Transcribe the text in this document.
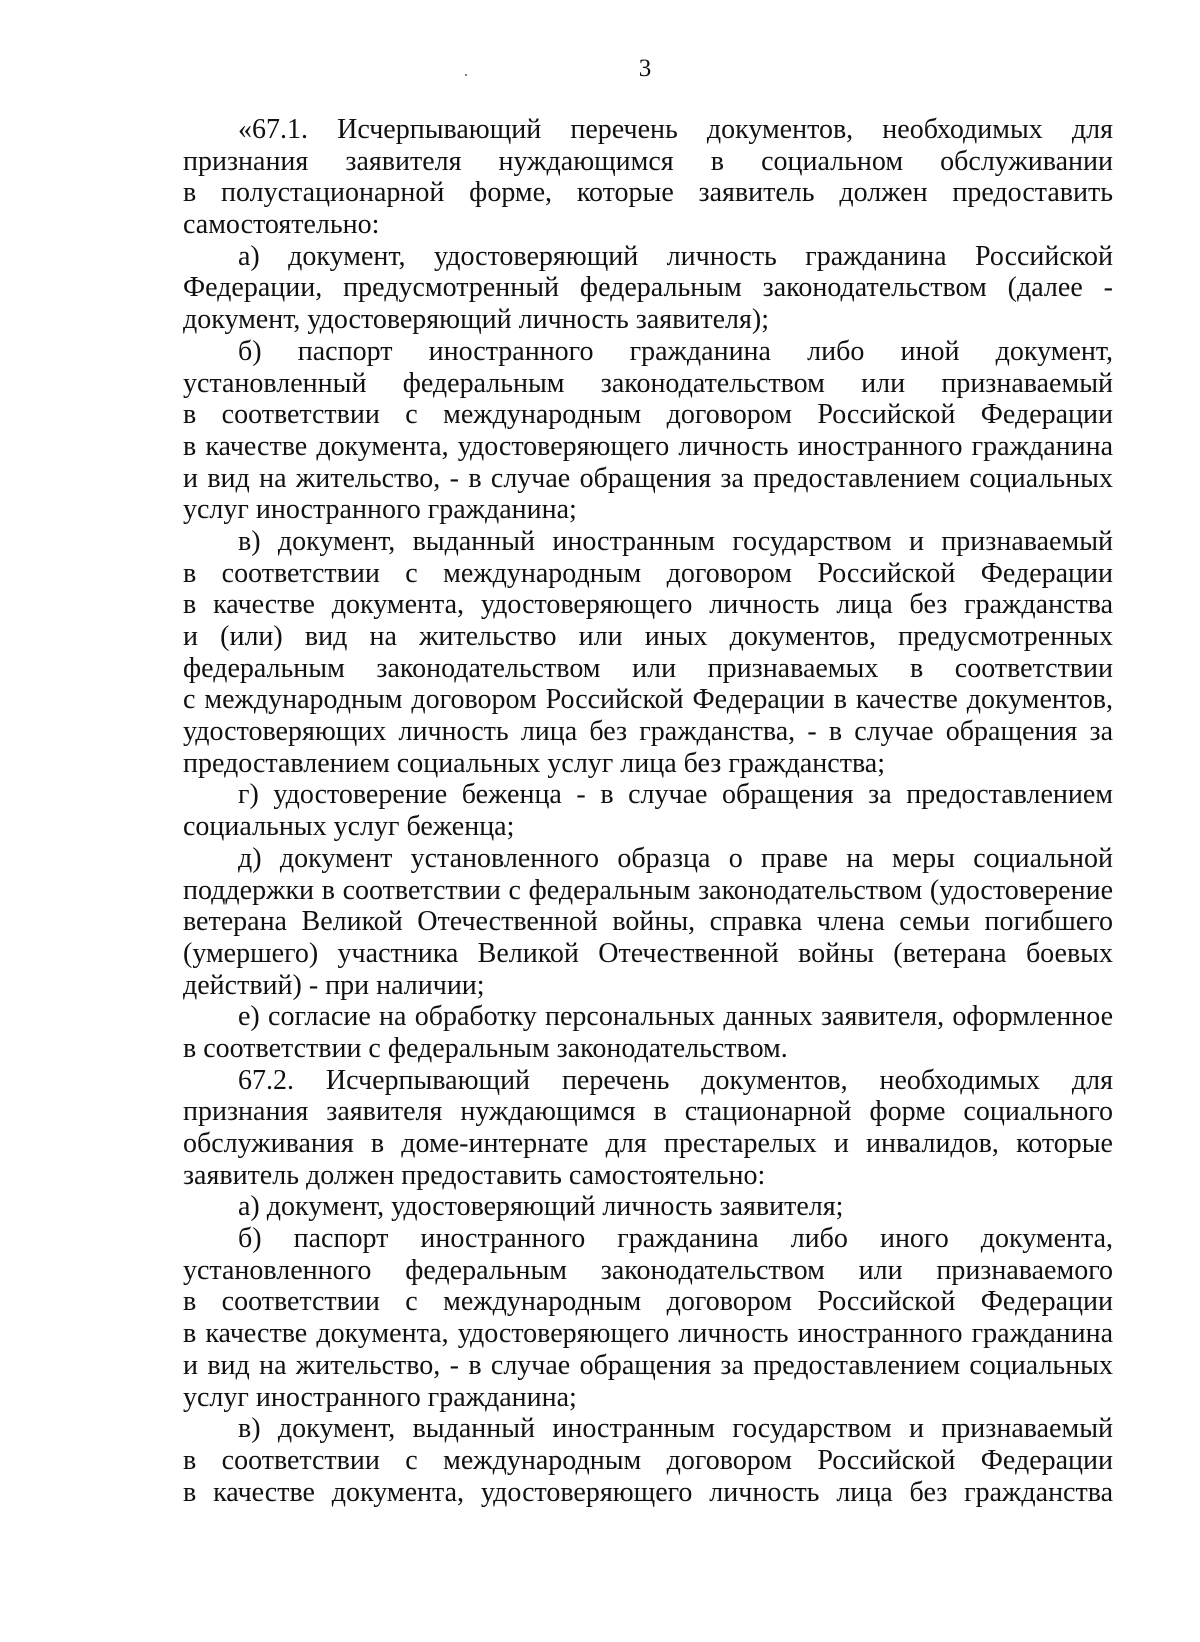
3
«67.1. Исчерпывающий перечень документов, необходимых для
признания заявителя нуждающимся в социальном обслуживании
в полустационарной форме, которые заявитель должен предоставить
самостоятельно:
а) документ, удостоверяющий личность гражданина Российской
Федерации, предусмотренный федеральным законодательством (далее -
документ, удостоверяющий личность заявителя);
б) паспорт иностранного гражданина либо иной документ,
установленный федеральным законодательством или признаваемый
в соответствии с международным договором Российской Федерации
в качестве документа, удостоверяющего личность иностранного гражданина
и вид на жительство, - в случае обращения за предоставлением социальных
услуг иностранного гражданина;
в) документ, выданный иностранным государством и признаваемый
в соответствии с международным договором Российской Федерации
в качестве документа, удостоверяющего личность лица без гражданства
и (или) вид на жительство или иных документов, предусмотренных
федеральным законодательством или признаваемых в соответствии
с международным договором Российской Федерации в качестве документов,
удостоверяющих личность лица без гражданства, - в случае обращения за
предоставлением социальных услуг лица без гражданства;
г) удостоверение беженца - в случае обращения за предоставлением
социальных услуг беженца;
д) документ установленного образца о праве на меры социальной
поддержки в соответствии с федеральным законодательством (удостоверение
ветерана Великой Отечественной войны, справка члена семьи погибшего
(умершего) участника Великой Отечественной войны (ветерана боевых
действий) - при наличии;
е) согласие на обработку персональных данных заявителя, оформленное
в соответствии с федеральным законодательством.
67.2. Исчерпывающий перечень документов, необходимых для
признания заявителя нуждающимся в стационарной форме социального
обслуживания в доме-интернате для престарелых и инвалидов, которые
заявитель должен предоставить самостоятельно:
а) документ, удостоверяющий личность заявителя;
б) паспорт иностранного гражданина либо иного документа,
установленного федеральным законодательством или признаваемого
в соответствии с международным договором Российской Федерации
в качестве документа, удостоверяющего личность иностранного гражданина
и вид на жительство, - в случае обращения за предоставлением социальных
услуг иностранного гражданина;
в) документ, выданный иностранным государством и признаваемый
в соответствии с международным договором Российской Федерации
в качестве документа, удостоверяющего личность лица без гражданства
